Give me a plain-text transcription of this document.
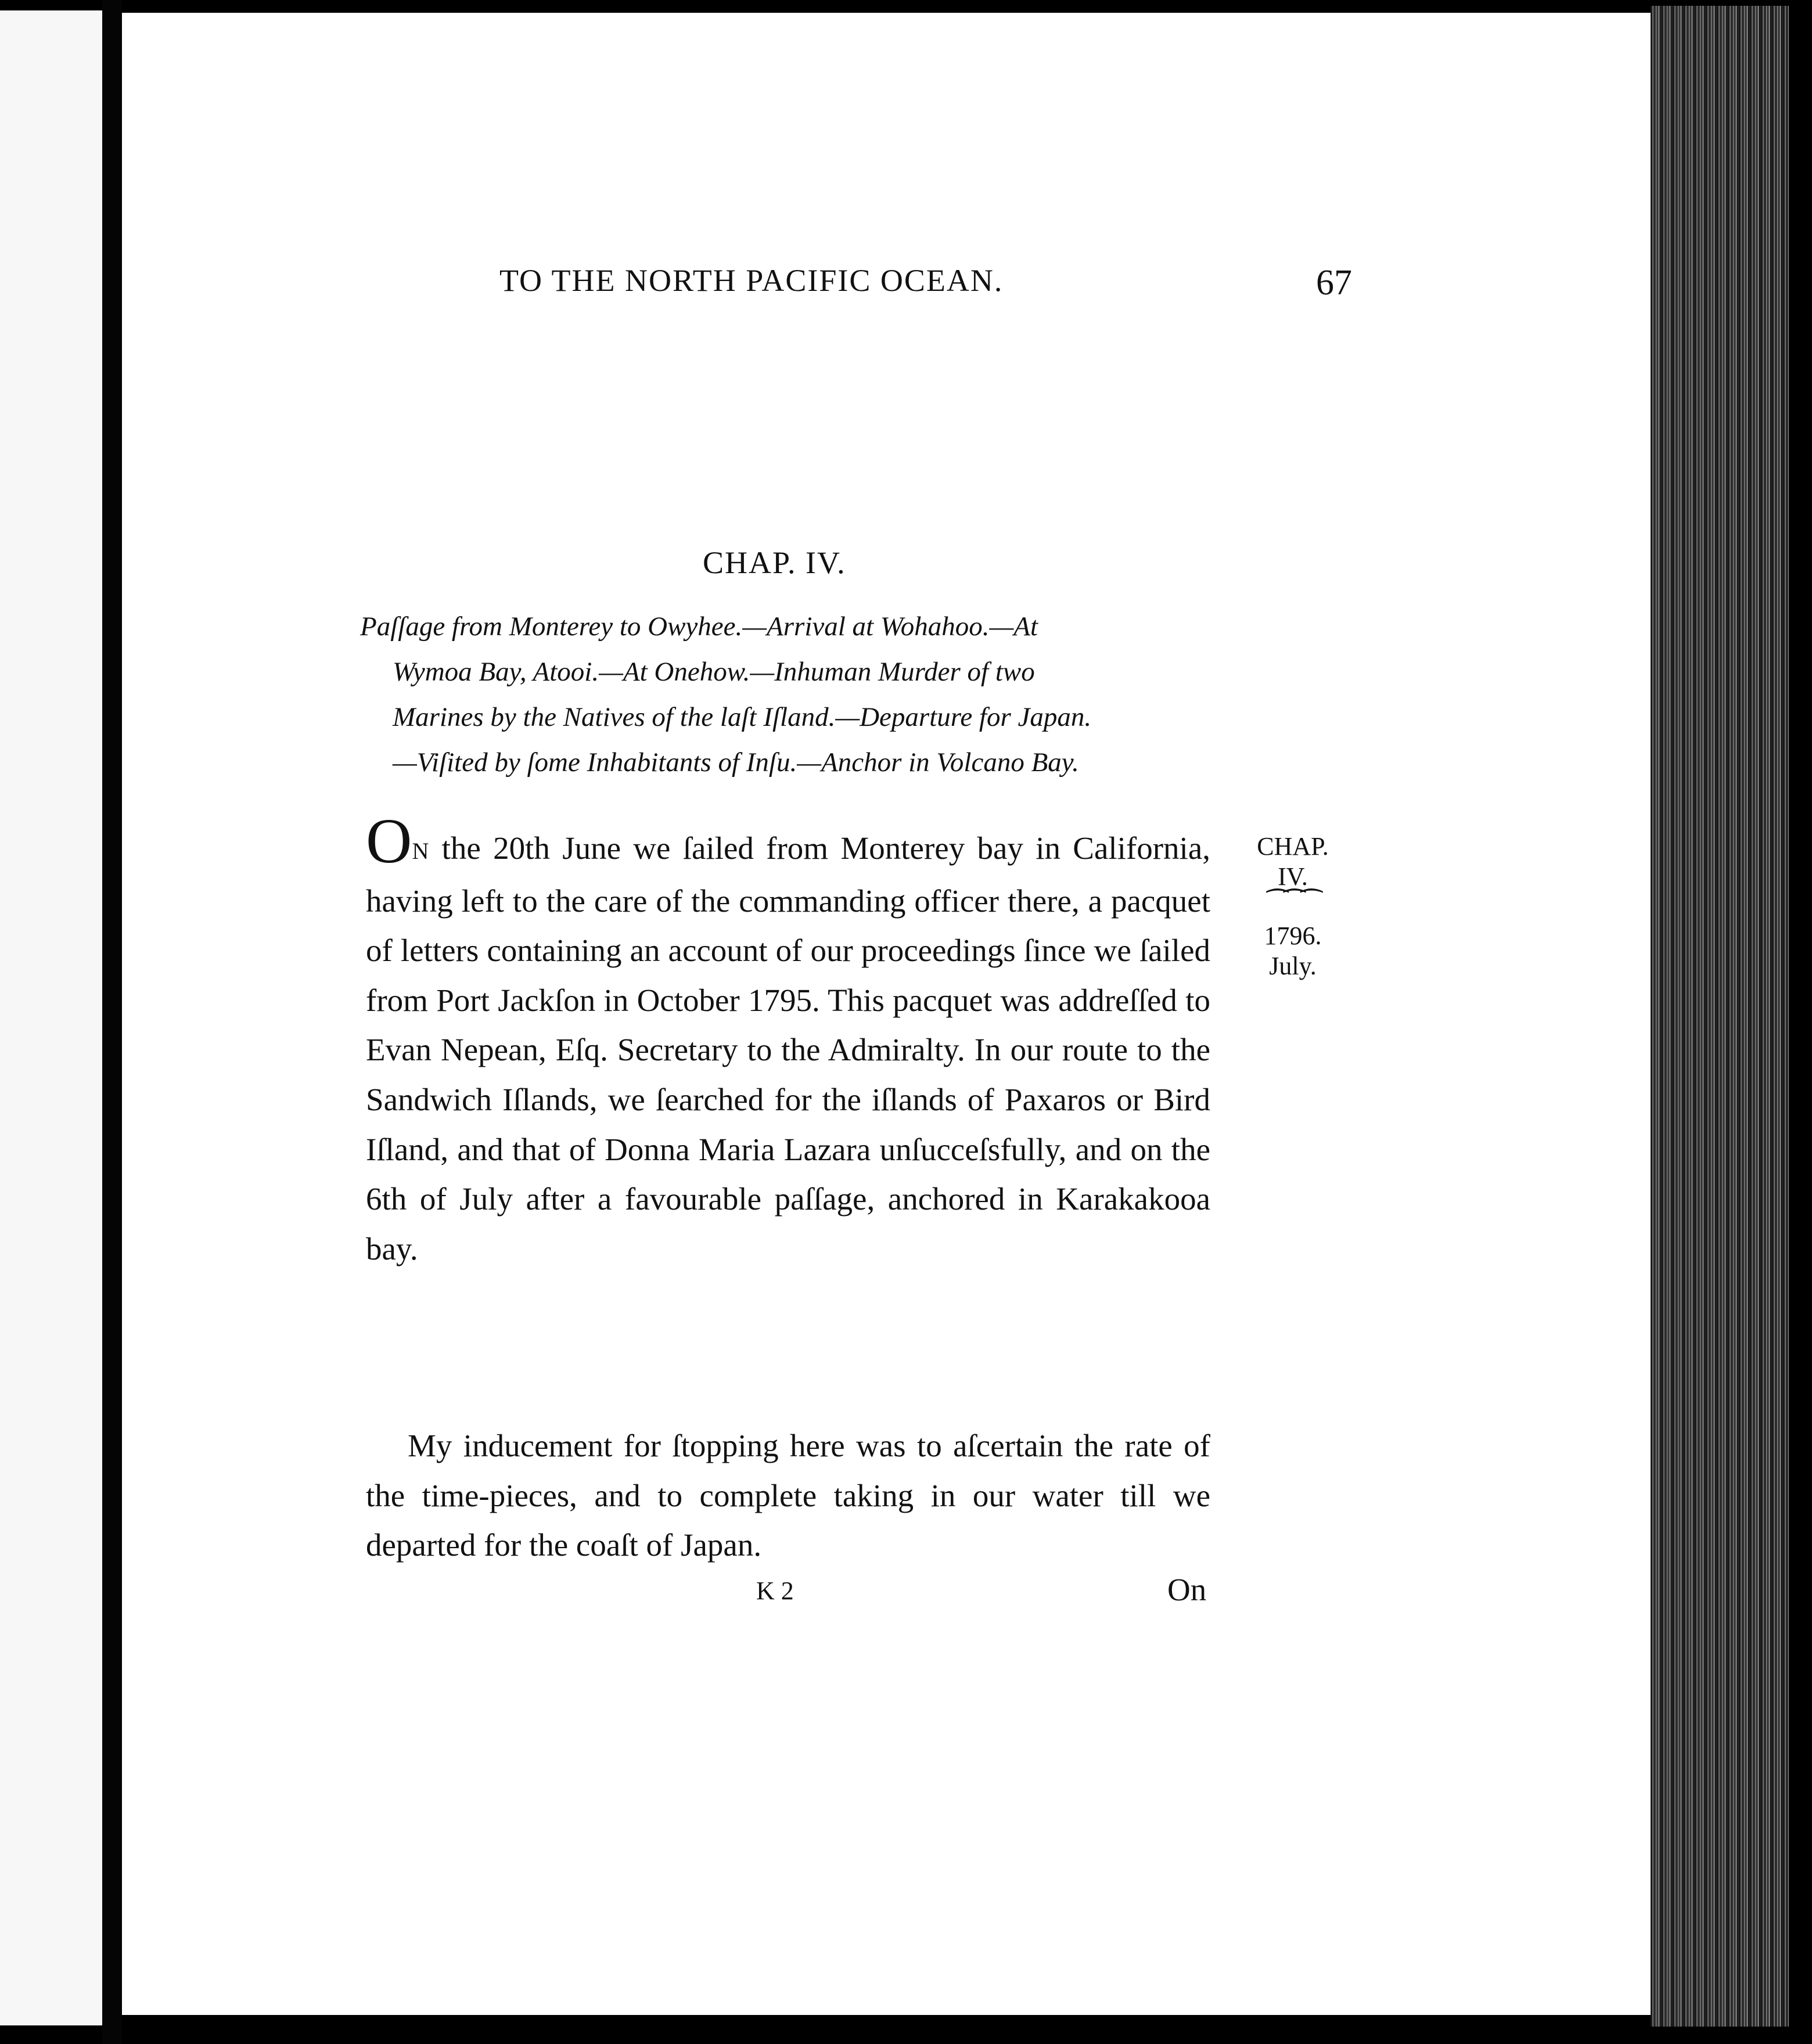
TO THE NORTH PACIFIC OCEAN.	67
CHAP. IV.
Paſſage from Monterey to Owyhee.—Arrival at Wohahoo.—At
Wymoa Bay, Atooi.—At Onehow.—Inhuman Murder of two
Marines by the Natives of the laſt Iſland.—Departure for Japan.
—Viſited by ſome Inhabitants of Inſu.—Anchor in Volcano Bay.
ON the 20th June we ſailed from Monterey bay in California, having left to the care of the commanding officer there, a pacquet of letters containing an account of our proceedings ſince we ſailed from Port Jackſon in October 1795. This pacquet was addreſſed to Evan Nepean, Eſq. Secretary to the Admiralty. In our route to the Sandwich Iſlands, we ſearched for the iſlands of Paxaros or Bird Iſland, and that of Donna Maria Lazara unſucceſsfully, and on the 6th of July after a favourable paſſage, anchored in Karakakooa bay.
CHAP.
IV.
⁀⁀⁀
1796.
July.
My inducement for ſtopping here was to aſcertain the rate of the time-pieces, and to complete taking in our water till we departed for the coaſt of Japan.
K 2	On
